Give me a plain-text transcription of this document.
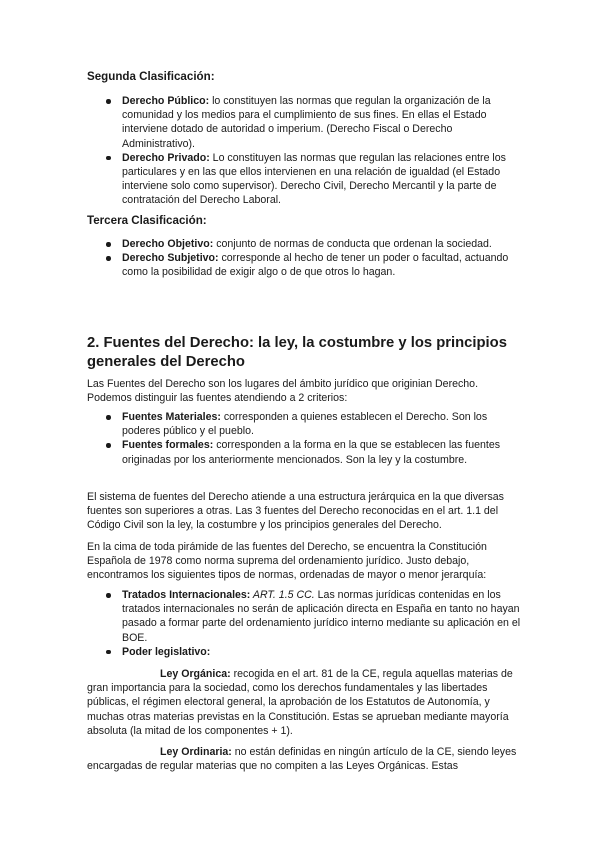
Segunda Clasificación:
Derecho Público: lo constituyen las normas que regulan la organización de la comunidad y los medios para el cumplimiento de sus fines. En ellas el Estado interviene dotado de autoridad o imperium. (Derecho Fiscal o Derecho Administrativo).
Derecho Privado: Lo constituyen las normas que regulan las relaciones entre los particulares y en las que ellos intervienen en una relación de igualdad (el Estado interviene solo como supervisor). Derecho Civil, Derecho Mercantil y la parte de contratación del Derecho Laboral.
Tercera Clasificación:
Derecho Objetivo: conjunto de normas de conducta que ordenan la sociedad.
Derecho Subjetivo: corresponde al hecho de tener un poder o facultad, actuando como la posibilidad de exigir algo o de que otros lo hagan.
2. Fuentes del Derecho: la ley, la costumbre y los principios generales del Derecho
Las Fuentes del Derecho son los lugares del ámbito jurídico que originian Derecho. Podemos distinguir las fuentes atendiendo a 2 criterios:
Fuentes Materiales: corresponden a quienes establecen el Derecho. Son los poderes público y el pueblo.
Fuentes formales: corresponden a la forma en la que se establecen las fuentes originadas por los anteriormente mencionados. Son la ley y la costumbre.
El sistema de fuentes del Derecho atiende a una estructura jerárquica en la que diversas fuentes son superiores a otras. Las 3 fuentes del Derecho reconocidas en el art. 1.1 del Código Civil son la ley, la costumbre y los principios generales del Derecho.
En la cima de toda pirámide de las fuentes del Derecho, se encuentra la Constitución Española de 1978 como norma suprema del ordenamiento jurídico. Justo debajo, encontramos los siguientes tipos de normas, ordenadas de mayor o menor jerarquía:
Tratados Internacionales: ART. 1.5 CC. Las normas jurídicas contenidas en los tratados internacionales no serán de aplicación directa en España en tanto no hayan pasado a formar parte del ordenamiento jurídico interno mediante su aplicación en el BOE.
Poder legislativo:
Ley Orgánica: recogida en el art. 81 de la CE, regula aquellas materias de gran importancia para la sociedad, como los derechos fundamentales y las libertades públicas, el régimen electoral general, la aprobación de los Estatutos de Autonomía, y muchas otras materias previstas en la Constitución. Estas se aprueban mediante mayoría absoluta (la mitad de los componentes + 1).
Ley Ordinaria: no están definidas en ningún artículo de la CE, siendo leyes encargadas de regular materias que no compiten a las Leyes Orgánicas. Estas
